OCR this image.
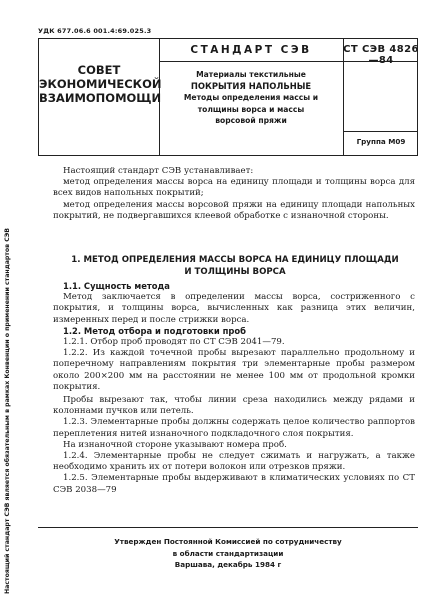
УДК 677.06.6 001.4:69.025.3
Настоящий стандарт СЭВ является обязательным в рамках Конвенции о применении стандартов СЭВ
СОВЕТ
ЭКОНОМИЧЕСКОЙ
ВЗАИМОПОМОЩИ
СТАНДАРТ СЭВ	СТ СЭВ 4826—84
Материалы текстильные
ПОКРЫТИЯ НАПОЛЬНЫЕ
Методы определения массы и
толщины ворса и массы
ворсовой пряжи
Группа М09

Настоящий стандарт СЭВ устанавливает:

метод определения массы ворса на единицу площади и толщины ворса для всех видов напольных покрытий;

метод определения массы ворсовой пряжи на единицу площади напольных покрытий, не подвергавшихся клеевой обработке с изнаночной стороны.

1. МЕТОД ОПРЕДЕЛЕНИЯ МАССЫ ВОРСА НА ЕДИНИЦУ ПЛОЩАДИ И ТОЛЩИНЫ ВОРСА

1.1. Сущность метода

Метод заключается в определении массы ворса, состриженного с покрытия, и толщины ворса, вычисленных как разница этих величин, измеренных перед и после стрижки ворса.

1.2. Метод отбора и подготовки проб

1.2.1. Отбор проб проводят по СТ СЭВ 2041—79.

1.2.2. Из каждой точечной пробы вырезают параллельно продольному и поперечному направлениям покрытия три элементарные пробы размером около 200×200 мм на расстоянии не менее 100 мм от продольной кромки покрытия.

Пробы вырезают так, чтобы линии среза находились между рядами и колоннами пучков или петель.

1.2.3. Элементарные пробы должны содержать целое количество раппортов переплетения нитей изнаночного подкладочного слоя покрытия.

На изнаночной стороне указывают номера проб.

1.2.4. Элементарные пробы не следует сжимать и нагружать, а также необходимо хранить их от потери волокон или отрезков пряжи.

1.2.5. Элементарные пробы выдерживают в климатических условиях по СТ СЭВ 2038—79

Утвержден Постоянной Комиссией по сотрудничеству
в области стандартизации
Варшава, декабрь 1984 г
